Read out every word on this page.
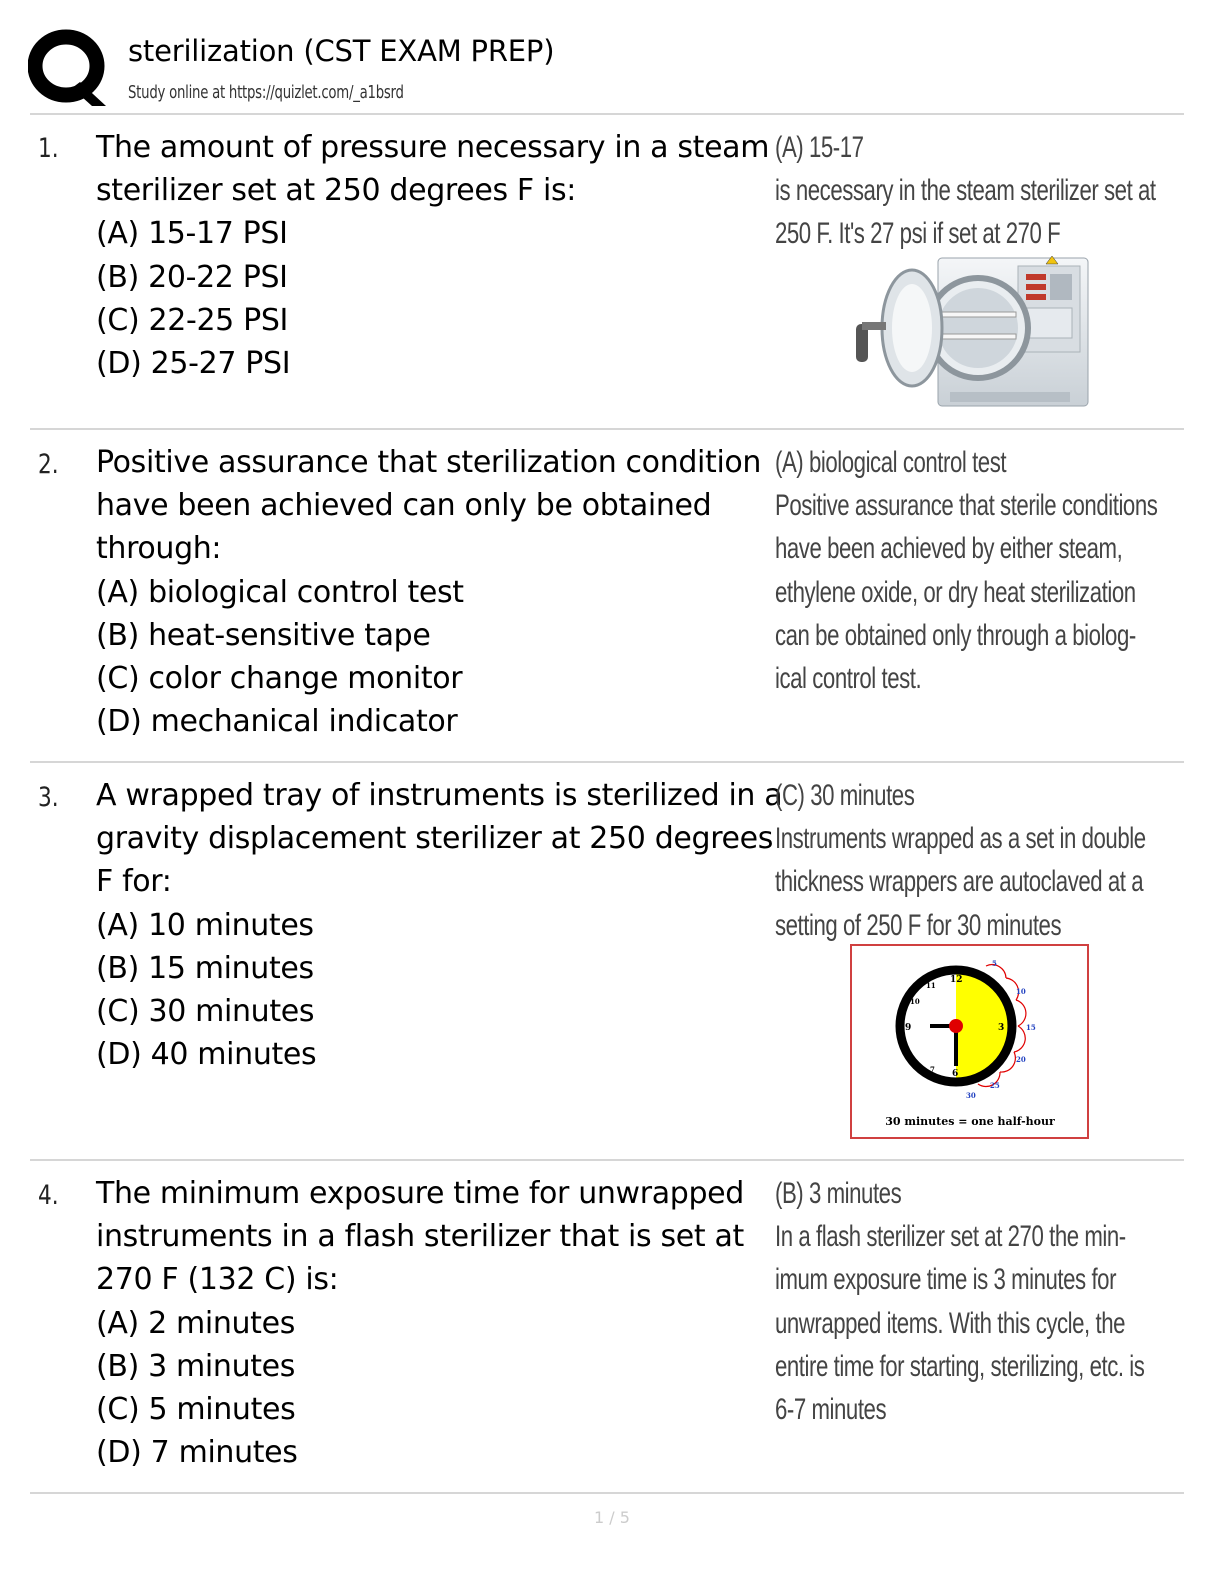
sterilization (CST EXAM PREP)
Study online at https://quizlet.com/_a1bsrd
1. The amount of pressure necessary in a steam
sterilizer set at 250 degrees F is:
(A) 15-17 PSI
(B) 20-22 PSI
(C) 22-25 PSI
(D) 25-27 PSI
(A) 15-17
is necessary in the steam sterilizer set at
250 F. It's 27 psi if set at 270 F
2. Positive assurance that sterilization condition
have been achieved can only be obtained
through:
(A) biological control test
(B) heat-sensitive tape
(C) color change monitor
(D) mechanical indicator
(A) biological control test
Positive assurance that sterile conditions
have been achieved by either steam,
ethylene oxide, or dry heat sterilization
can be obtained only through a biolog-
ical control test.
3. A wrapped tray of instruments is sterilized in a
gravity displacement sterilizer at 250 degrees
F for:
(A) 10 minutes
(B) 15 minutes
(C) 30 minutes
(D) 40 minutes
(C) 30 minutes
Instruments wrapped as a set in double
thickness wrappers are autoclaved at a
setting of 250 F for 30 minutes
12
3
6
9
11
10
7
5
10
15
20
25
30
30 minutes = one half-hour
4. The minimum exposure time for unwrapped
instruments in a flash sterilizer that is set at
270 F (132 C) is:
(A) 2 minutes
(B) 3 minutes
(C) 5 minutes
(D) 7 minutes
(B) 3 minutes
In a flash sterilizer set at 270 the min-
imum exposure time is 3 minutes for
unwrapped items. With this cycle, the
entire time for starting, sterilizing, etc. is
6-7 minutes
1 / 5
